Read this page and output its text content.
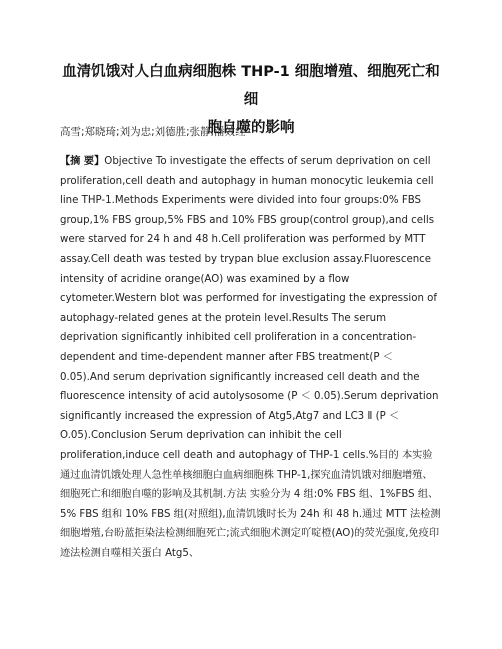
血清饥饿对人白血病细胞株 THP-1 细胞增殖、细胞死亡和细
胞自噬的影响

高雪;郑晓琦;刘为忠;刘德胜;张静;潘效红

【摘 要】Objective To investigate the effects of serum deprivation on cell proliferation,cell death and autophagy in human monocytic leukemia cell line THP-1.Methods Experiments were divided into four groups:0% FBS group,1% FBS group,5% FBS and 10% FBS group(control group),and cells were starved for 24 h and 48 h.Cell proliferation was performed by MTT assay.Cell death was tested by trypan blue exclusion assay.Fluorescence intensity of acridine orange(AO) was examined by a flow cytometer.Western blot was performed for investigating the expression of autophagy-related genes at the protein level.Results The serum deprivation significantly inhibited cell proliferation in a concentration-dependent and time-dependent manner after FBS treatment(P ＜0.05).And serum deprivation significantly increased cell death and the fluorescence intensity of acid autolysosome (P ＜ 0.05).Serum deprivation significantly increased the expression of Atg5,Atg7 and LC3 Ⅱ (P ＜ O.05).Conclusion Serum deprivation can inhibit the cell proliferation,induce cell death and autophagy of THP-1 cells.%目的 本实验通过血清饥饿处理人急性单核细胞白血病细胞株 THP-1,探究血清饥饿对细胞增殖、细胞死亡和细胞自噬的影响及其机制.方法 实验分为 4 组:0% FBS 组、1%FBS 组、5% FBS 组和 10% FBS 组(对照组),血清饥饿时长为 24h 和 48 h.通过 MTT 法检测细胞增殖,台盼蓝拒染法检测细胞死亡;流式细胞术测定吖啶橙(AO)的荧光强度,免疫印迹法检测自噬相关蛋白 Atg5、
